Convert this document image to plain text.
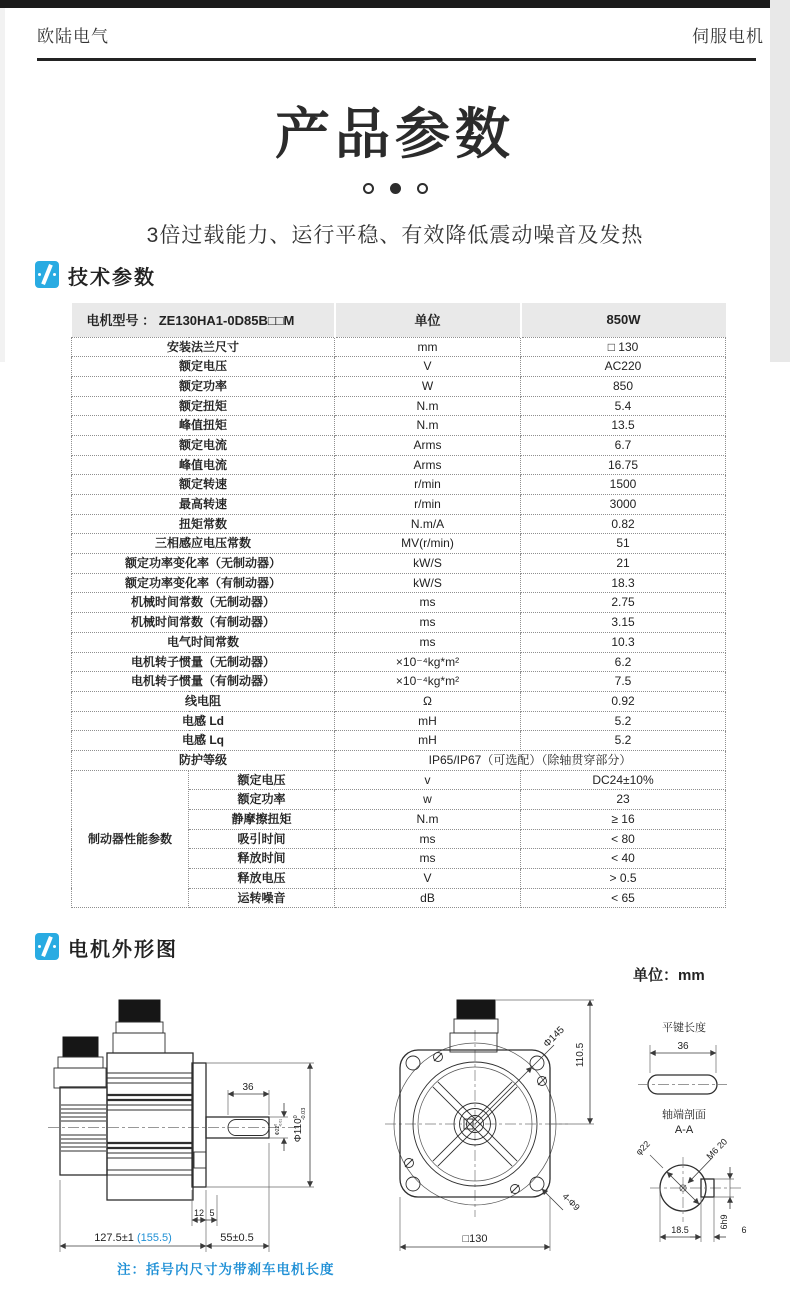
欧陆电气	伺服电机
产品参数
3倍过载能力、运行平稳、有效降低震动噪音及发热
技术参数
电机型号 ： ZE130HA1-0D85B□□M		单位	850W
安装法兰尺寸		mm	□ 130
额定电压		V	AC220
额定功率		W	850
额定扭矩		N.m	5.4
峰值扭矩		N.m	13.5
额定电流		Arms	6.7
峰值电流		Arms	16.75
额定转速		r/min	1500
最高转速		r/min	3000
扭矩常数		N.m/A	0.82
三相感应电压常数		MV(r/min)	51
额定功率变化率（无制动器）		kW/S	21
额定功率变化率（有制动器）		kW/S	18.3
机械时间常数（无制动器）		ms	2.75
机械时间常数（有制动器）		ms	3.15
电气时间常数		ms	10.3
电机转子惯量（无制动器）		×10⁻⁴kg*m²	6.2
电机转子惯量（有制动器）		×10⁻⁴kg*m²	7.5
线电阻		Ω	0.92
电感 Ld		mH	5.2
电感 Lq		mH	5.2
防护等级		IP65/IP67（可选配）（除轴贯穿部分）	
制动器性能参数	额定电压	v	DC24±10%
	额定功率	w	23
	静摩擦扭矩	N.m	≥ 16
	吸引时间	ms	< 80
	释放时间	ms	< 40
	释放电压	V	> 0.5
	运转噪音	dB	< 65
电机外形图
单位：mm
36
$\Phi 22^0-0.01$ $\Phi 110^0$ -0.03
12 5
127.5±1 (155.5)	55±0.5
Φ145
110.5
4-Φ9
□130
平键长度
36
轴端剖面
A-A
φ22	M6 20
6h9
18.5	6
注：括号内尺寸为带刹车电机长度
